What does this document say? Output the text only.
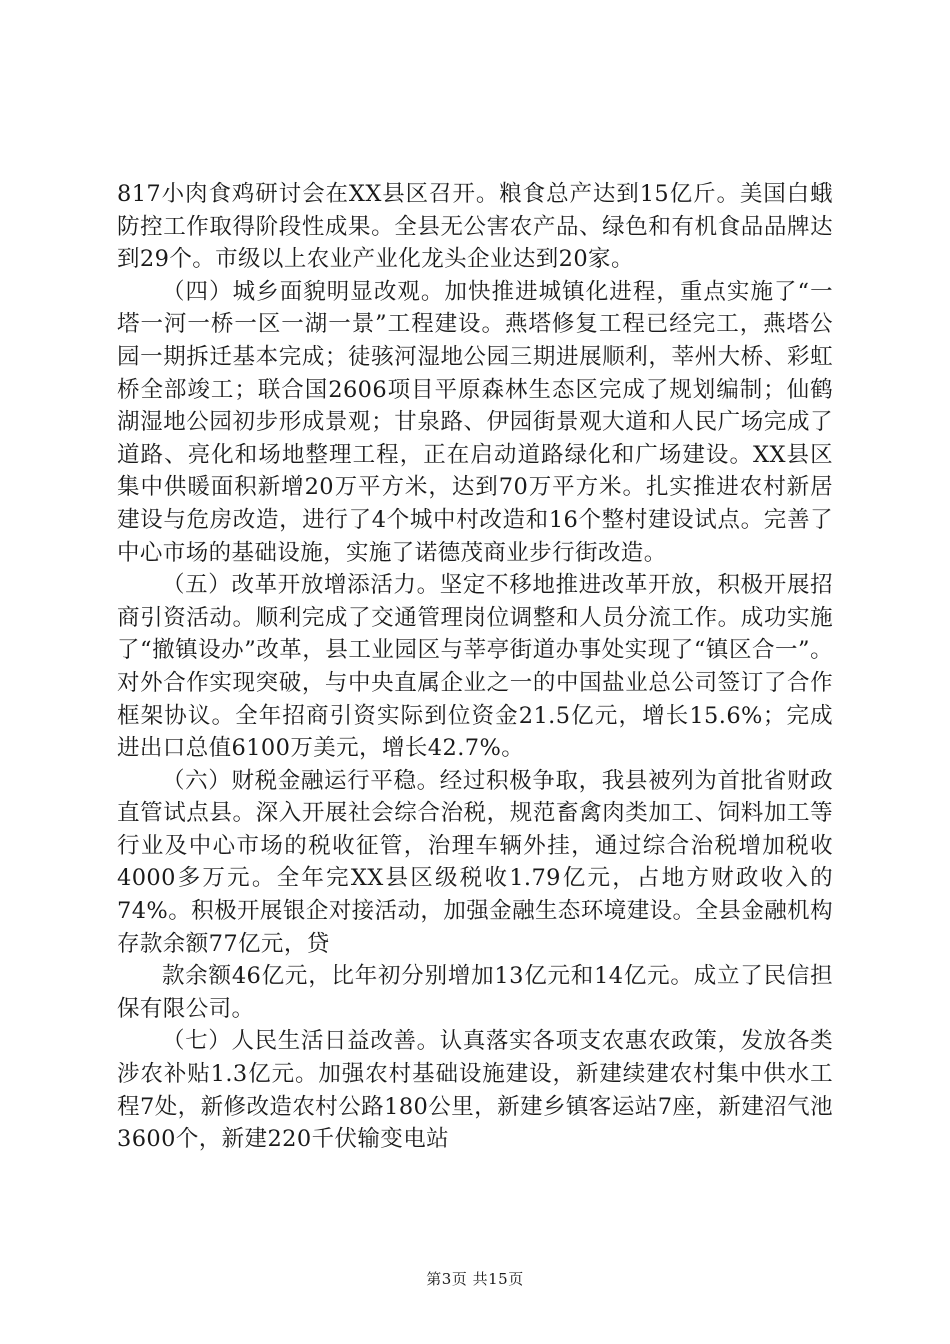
817小肉食鸡研讨会在XX县区召开。粮食总产达到15亿斤。美国白蛾防控工作取得阶段性成果。全县无公害农产品、绿色和有机食品品牌达到29个。市级以上农业产业化龙头企业达到20家。

（四）城乡面貌明显改观。加快推进城镇化进程，重点实施了“一塔一河一桥一区一湖一景”工程建设。燕塔修复工程已经完工，燕塔公园一期拆迁基本完成；徒骇河湿地公园三期进展顺利，莘州大桥、彩虹桥全部竣工；联合国2606项目平原森林生态区完成了规划编制；仙鹤湖湿地公园初步形成景观；甘泉路、伊园街景观大道和人民广场完成了道路、亮化和场地整理工程，正在启动道路绿化和广场建设。XX县区集中供暖面积新增20万平方米，达到70万平方米。扎实推进农村新居建设与危房改造，进行了4个城中村改造和16个整村建设试点。完善了中心市场的基础设施，实施了诺德茂商业步行街改造。

（五）改革开放增添活力。坚定不移地推进改革开放，积极开展招商引资活动。顺利完成了交通管理岗位调整和人员分流工作。成功实施了“撤镇设办”改革，县工业园区与莘亭街道办事处实现了“镇区合一”。对外合作实现突破，与中央直属企业之一的中国盐业总公司签订了合作框架协议。全年招商引资实际到位资金21.5亿元，增长15.6%；完成进出口总值6100万美元，增长42.7%。

（六）财税金融运行平稳。经过积极争取，我县被列为首批省财政直管试点县。深入开展社会综合治税，规范畜禽肉类加工、饲料加工等行业及中心市场的税收征管，治理车辆外挂，通过综合治税增加税收4000多万元。全年完XX县区级税收1.79亿元，占地方财政收入的74%。积极开展银企对接活动，加强金融生态环境建设。全县金融机构存款余额77亿元，贷

款余额46亿元，比年初分别增加13亿元和14亿元。成立了民信担保有限公司。

（七）人民生活日益改善。认真落实各项支农惠农政策，发放各类涉农补贴1.3亿元。加强农村基础设施建设，新建续建农村集中供水工程7处，新修改造农村公路180公里，新建乡镇客运站7座，新建沼气池3600个，新建220千伏输变电站

第3页 共15页
